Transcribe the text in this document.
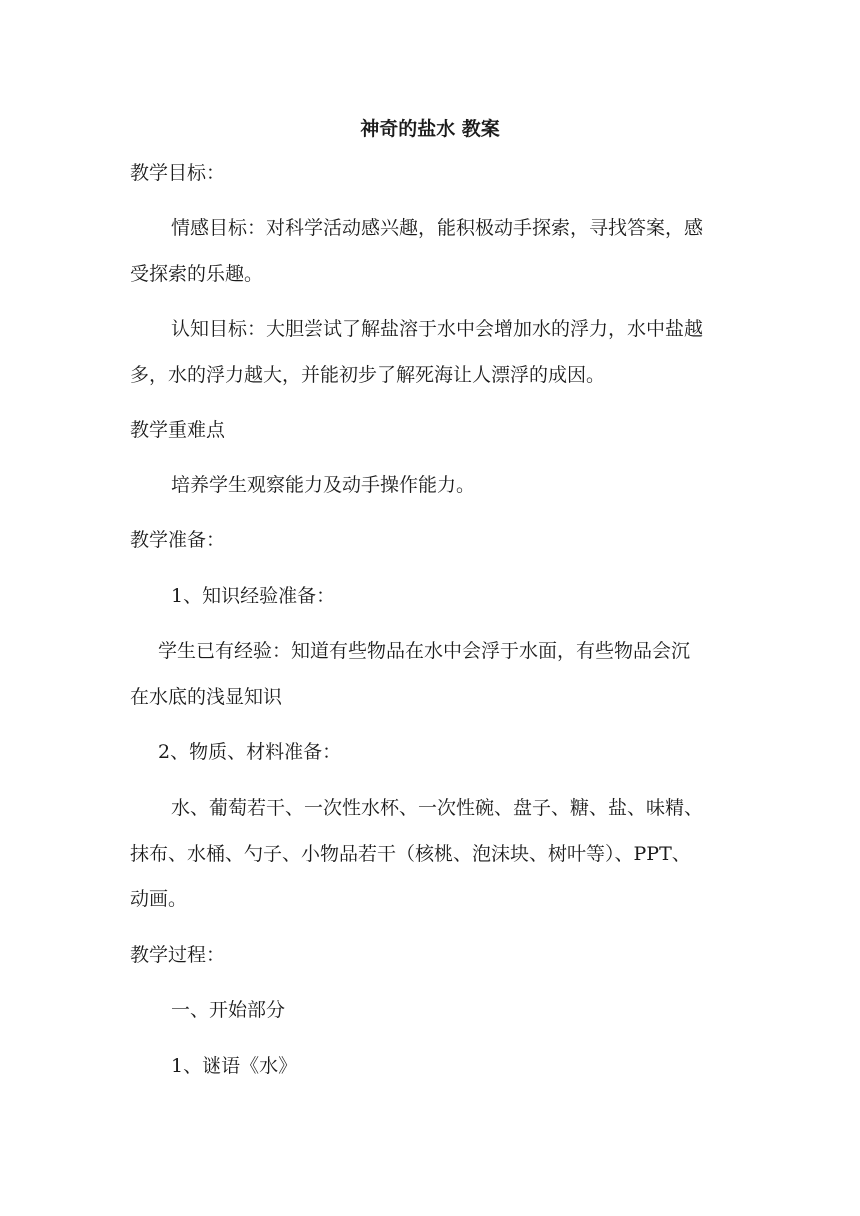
神奇的盐水 教案

教学目标：

情感目标：对科学活动感兴趣，能积极动手探索，寻找答案，感

受探索的乐趣。

认知目标：大胆尝试了解盐溶于水中会增加水的浮力，水中盐越

多，水的浮力越大，并能初步了解死海让人漂浮的成因。

教学重难点

培养学生观察能力及动手操作能力。

教学准备：

1、知识经验准备：

学生已有经验：知道有些物品在水中会浮于水面，有些物品会沉

在水底的浅显知识

2、物质、材料准备：

水、葡萄若干、一次性水杯、一次性碗、盘子、糖、盐、味精、

抹布、水桶、勺子、小物品若干（核桃、泡沫块、树叶等）、PPT、

动画。

教学过程：

一、开始部分

1、谜语《水》
